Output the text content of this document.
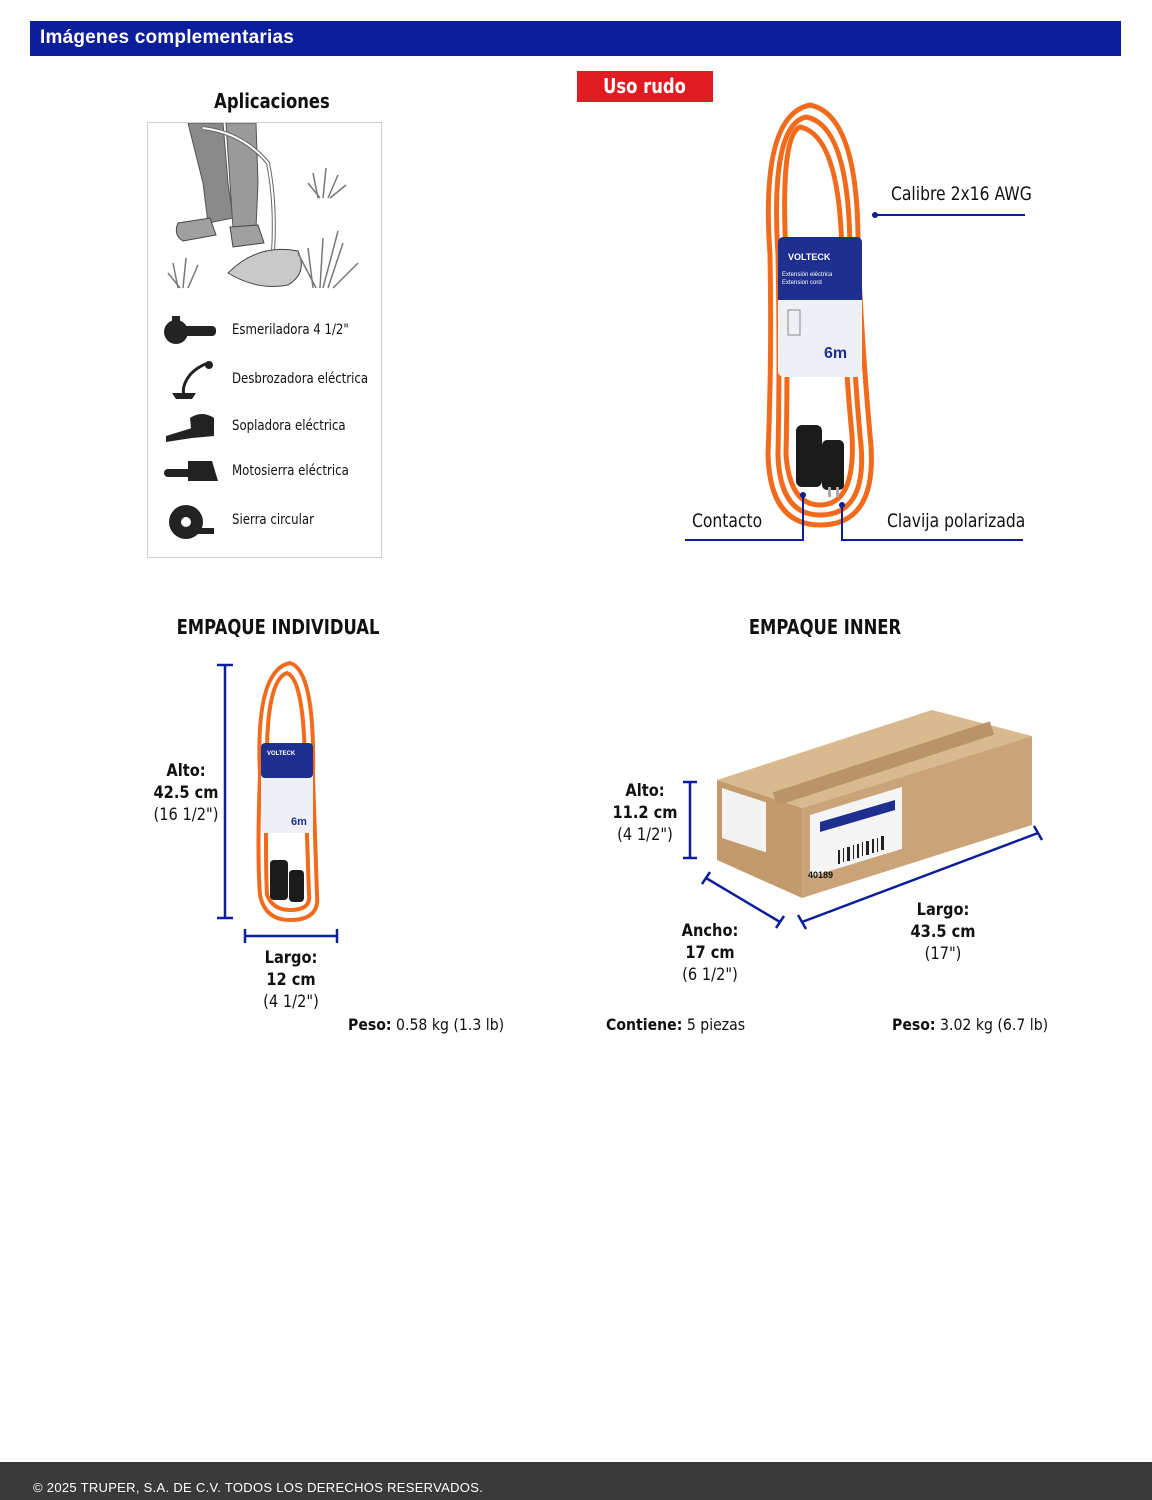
Imágenes complementarias
Aplicaciones
Esmeriladora 4 1/2"
Desbrozadora eléctrica
Sopladora eléctrica
Motosierra eléctrica
Sierra circular
Uso rudo
VOLTECK
Extensión eléctrica
Extension cord
6m
Calibre 2x16 AWG
Contacto	Clavija polarizada
EMPAQUE INDIVIDUAL
VOLTECK
6m
Alto:
42.5 cm
(16 1/2")
Largo:
12 cm
(4 1/2")
Peso: 0.58 kg (1.3 lb)
EMPAQUE INNER
40189
Alto:
11.2 cm
(4 1/2")
Ancho:
17 cm
(6 1/2")
Largo:
43.5 cm
(17")
Contiene: 5 piezas	Peso: 3.02 kg (6.7 lb)
© 2025 TRUPER, S.A. DE C.V. TODOS LOS DERECHOS RESERVADOS.
